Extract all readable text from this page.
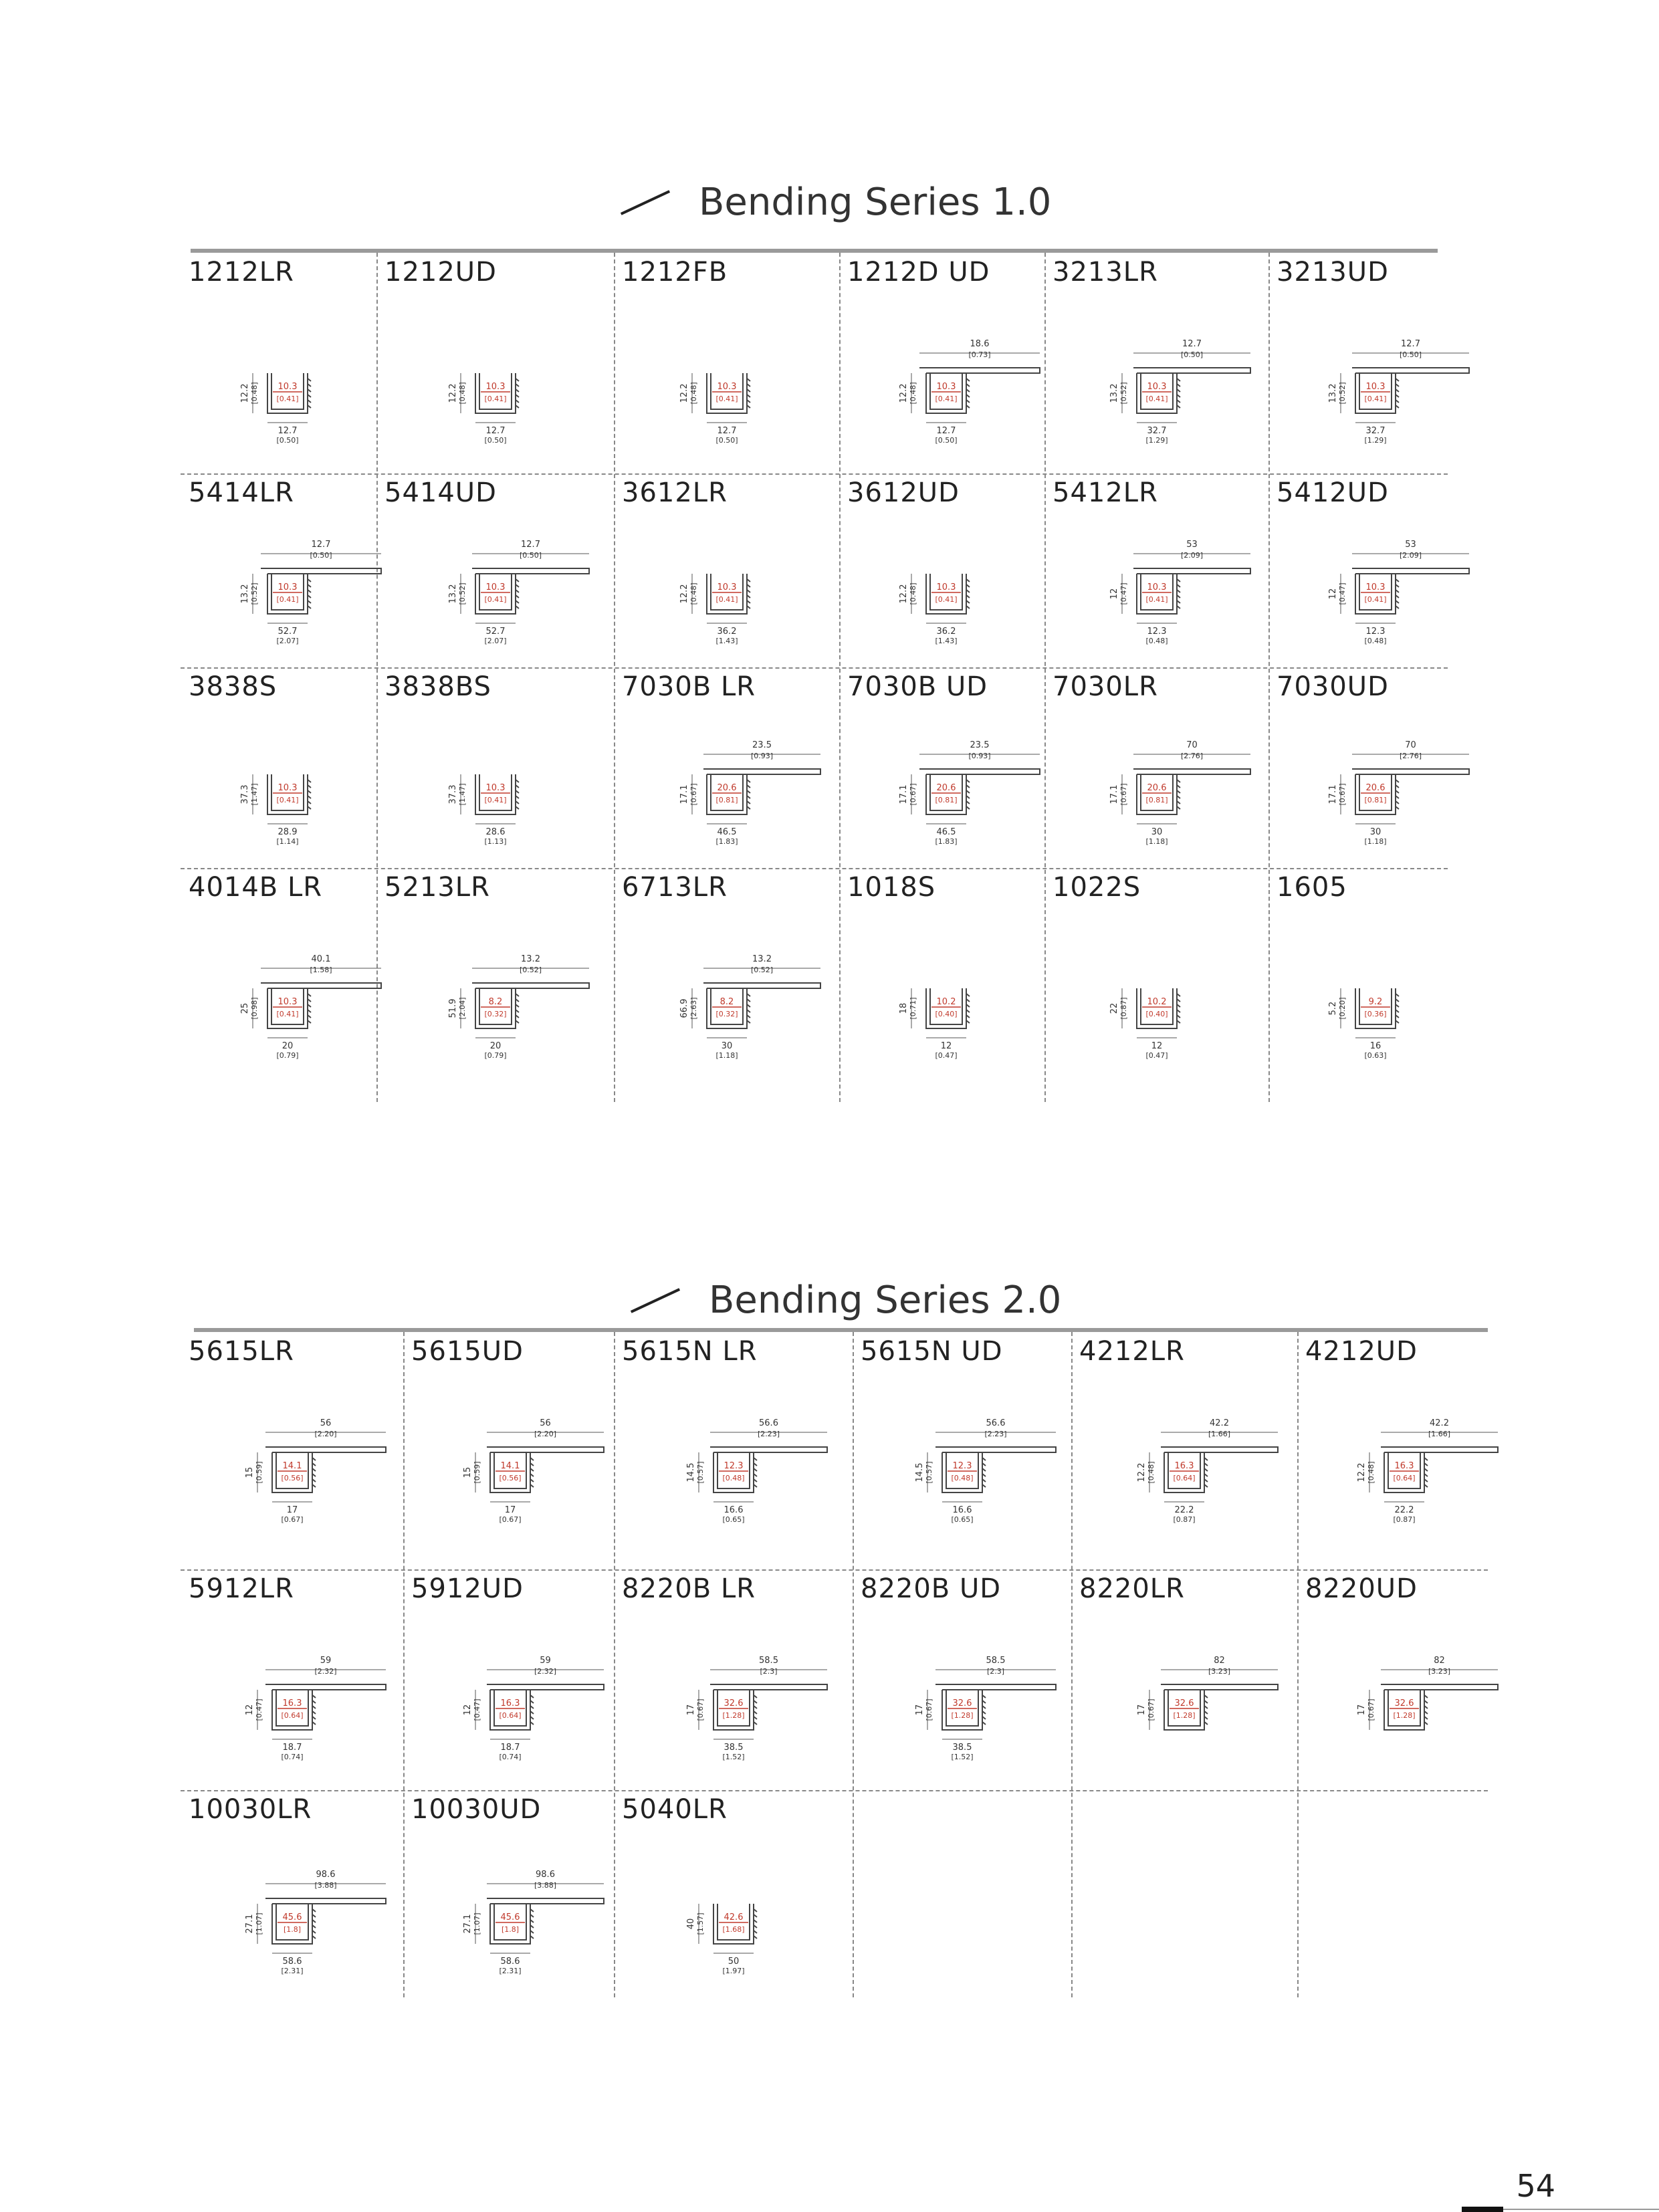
Bending Series 1.0
1212LR
10.3
[0.41]
12.7
[0.50]
12.2 [0.48]
1212UD
10.3
[0.41]
12.7
[0.50]
12.2 [0.48]
1212FB
10.3
[0.41]
12.7
[0.50]
12.2 [0.48]
1212D UD
18.6
[0.73]
10.3
[0.41]
12.7
[0.50]
12.2 [0.48]
3213LR
12.7
[0.50]
10.3
[0.41]
32.7
[1.29]
13.2 [0.52]
3213UD
12.7
[0.50]
10.3
[0.41]
32.7
[1.29]
13.2 [0.52]
5414LR
12.7
[0.50]
10.3
[0.41]
52.7
[2.07]
13.2 [0.52]
5414UD
12.7
[0.50]
10.3
[0.41]
52.7
[2.07]
13.2 [0.52]
3612LR
10.3
[0.41]
36.2
[1.43]
12.2 [0.48]
3612UD
10.3
[0.41]
36.2
[1.43]
12.2 [0.48]
5412LR
53
[2.09]
10.3
[0.41]
12.3
[0.48]
12 [0.47]
5412UD
53
[2.09]
10.3
[0.41]
12.3
[0.48]
12 [0.47]
3838S
10.3
[0.41]
28.9
[1.14]
37.3 [1.47]
3838BS
10.3
[0.41]
28.6
[1.13]
37.3 [1.47]
7030B LR
23.5
[0.93]
20.6
[0.81]
46.5
[1.83]
17.1 [0.67]
7030B UD
23.5
[0.93]
20.6
[0.81]
46.5
[1.83]
17.1 [0.67]
7030LR
70
[2.76]
20.6
[0.81]
30
[1.18]
17.1 [0.67]
7030UD
70
[2.76]
20.6
[0.81]
30
[1.18]
17.1 [0.67]
4014B LR
40.1
[1.58]
10.3
[0.41]
20
[0.79]
25 [0.98]
5213LR
13.2
[0.52]
8.2
[0.32]
20
[0.79]
51.9 [2.04]
6713LR
13.2
[0.52]
8.2
[0.32]
30
[1.18]
66.9 [2.63]
1018S
10.2
[0.40]
12
[0.47]
18 [0.71]
1022S
10.2
[0.40]
12
[0.47]
22 [0.87]
1605
9.2
[0.36]
16
[0.63]
5.2 [0.20]
Bending Series 2.0
5615LR
56
[2.20]
14.1
[0.56]
17
[0.67]
15 [0.59]
5615UD
56
[2.20]
14.1
[0.56]
17
[0.67]
15 [0.59]
5615N LR
56.6
[2.23]
12.3
[0.48]
16.6
[0.65]
14.5 [0.57]
5615N UD
56.6
[2.23]
12.3
[0.48]
16.6
[0.65]
14.5 [0.57]
4212LR
42.2
[1.66]
16.3
[0.64]
22.2
[0.87]
12.2 [0.48]
4212UD
42.2
[1.66]
16.3
[0.64]
22.2
[0.87]
12.2 [0.48]
5912LR
59
[2.32]
16.3
[0.64]
18.7
[0.74]
12 [0.47]
5912UD
59
[2.32]
16.3
[0.64]
18.7
[0.74]
12 [0.47]
8220B LR
58.5
[2.3]
32.6
[1.28]
38.5
[1.52]
17 [0.67]
8220B UD
58.5
[2.3]
32.6
[1.28]
38.5
[1.52]
17 [0.67]
8220LR
82
[3.23]
32.6
[1.28]
17 [0.67]
8220UD
82
[3.23]
32.6
[1.28]
17 [0.67]
10030LR
98.6
[3.88]
45.6
[1.8]
58.6
[2.31]
27.1 [1.07]
10030UD
98.6
[3.88]
45.6
[1.8]
58.6
[2.31]
27.1 [1.07]
5040LR
42.6
[1.68]
50
[1.97]
40 [1.57]
54
